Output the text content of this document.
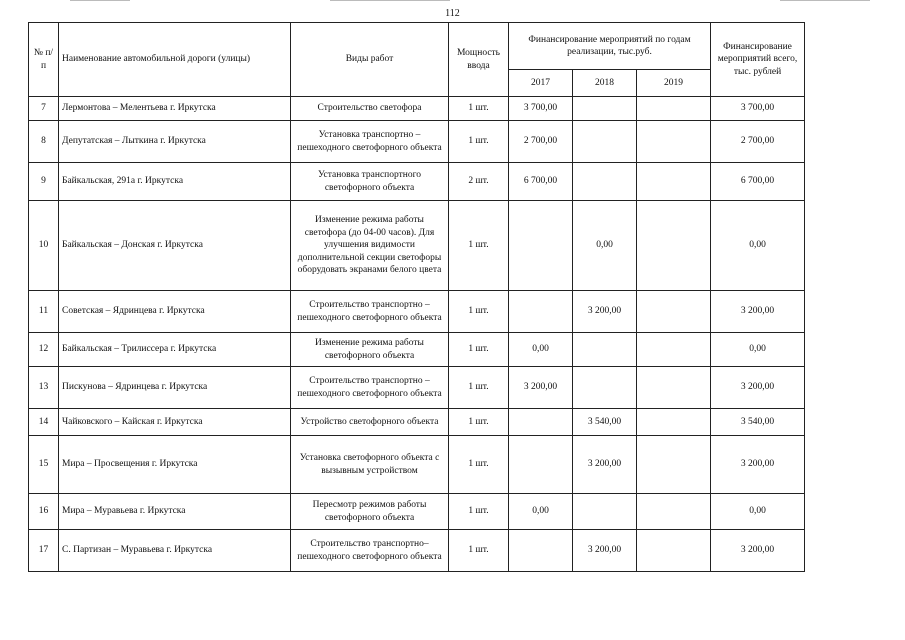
112
№ п/п	Наименование автомобильной дороги (улицы)	Виды работ	Мощность ввода	Финансирование мероприятий по годам реализации, тыс.руб.			Финансирование мероприятий всего, тыс. рублей
				2017	2018	2019	
7	Лермонтова – Мелентьева г. Иркутска	Строительство светофора	1 шт.	3 700,00			3 700,00
8	Депутатская – Лыткина г. Иркутска	Установка транспортно – пешеходного светофорного объекта	1 шт.	2 700,00			2 700,00
9	Байкальская, 291а г. Иркутска	Установка транспортного светофорного объекта	2 шт.	6 700,00			6 700,00
10	Байкальская – Донская г. Иркутска	Изменение режима работы светофора (до 04-00 часов). Для улучшения видимости дополнительной секции светофоры оборудовать экранами белого цвета	1 шт.		0,00		0,00
11	Советская – Ядринцева г. Иркутска	Строительство транспортно – пешеходного светофорного объекта	1 шт.		3 200,00		3 200,00
12	Байкальская – Трилиссера г. Иркутска	Изменение режима работы светофорного объекта	1 шт.	0,00			0,00
13	Пискунова – Ядринцева г. Иркутска	Строительство транспортно – пешеходного светофорного объекта	1 шт.	3 200,00			3 200,00
14	Чайковского – Кайская г. Иркутска	Устройство светофорного объекта	1 шт.		3 540,00		3 540,00
15	Мира – Просвещения г. Иркутска	Установка светофорного объекта с вызывным устройством	1 шт.		3 200,00		3 200,00
16	Мира – Муравьева г. Иркутска	Пересмотр режимов работы светофорного объекта	1 шт.	0,00			0,00
17	С. Партизан – Муравьева г. Иркутска	Строительство транспортно–пешеходного светофорного объекта	1 шт.		3 200,00		3 200,00
